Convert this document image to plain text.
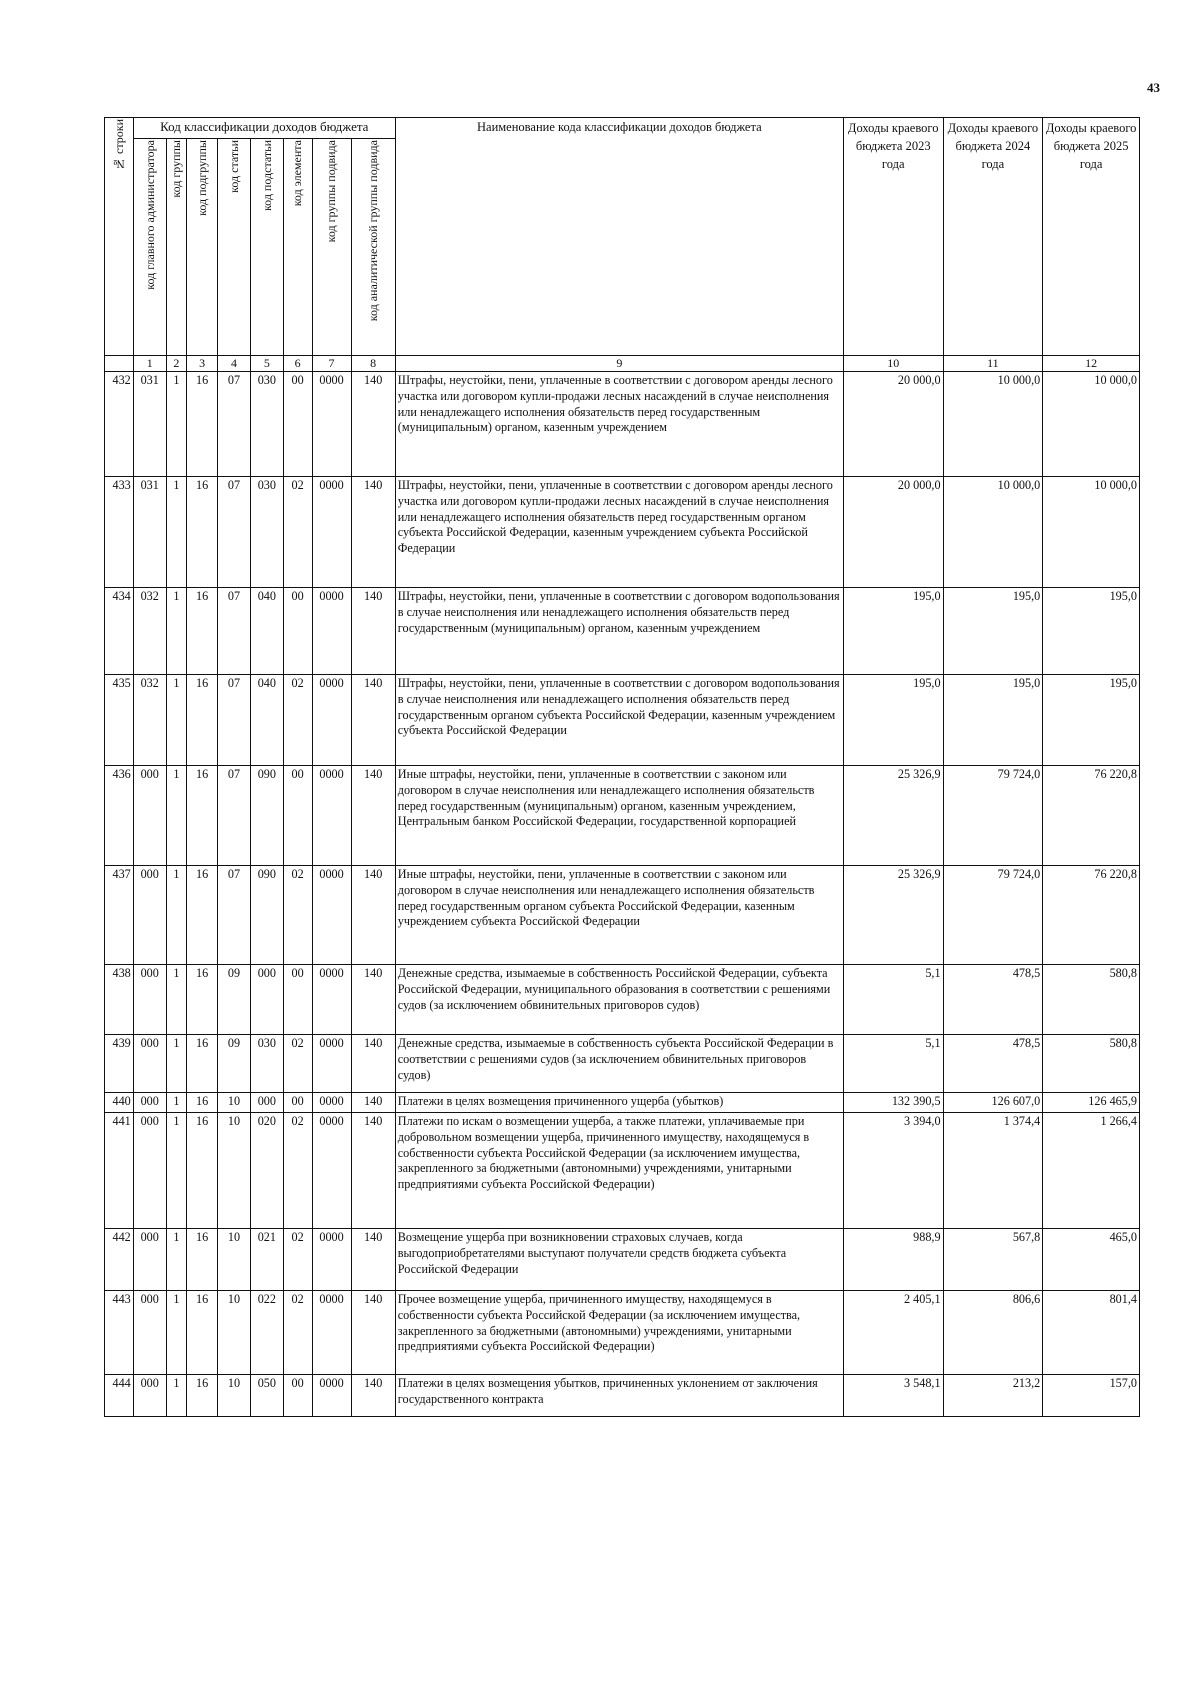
43
№ строки	Код классификации доходов бюджета								Наименование кода классификации доходов бюджета	Доходы краевого бюджета 2023 года	Доходы краевого бюджета 2024 года	Доходы краевого бюджета 2025 года

	код главного администратора	код группы	код подгруппы	код статьи	код подстатьи	код элемента	код группы подвида	код аналитической группы подвида				

	1	2	3	4	5	6	7	8	9	10	11	12
432	031	1	16	07	030	00	0000	140	Штрафы, неустойки, пени, уплаченные в соответствии с договором аренды лесного участка или договором купли-продажи лесных насаждений в случае неисполнения или ненадлежащего исполнения обязательств перед государственным (муниципальным) органом, казенным учреждением	20 000,0	10 000,0	10 000,0
433	031	1	16	07	030	02	0000	140	Штрафы, неустойки, пени, уплаченные в соответствии с договором аренды лесного участка или договором купли-продажи лесных насаждений в случае неисполнения или ненадлежащего исполнения обязательств перед государственным органом субъекта Российской Федерации, казенным учреждением субъекта Российской Федерации	20 000,0	10 000,0	10 000,0
434	032	1	16	07	040	00	0000	140	Штрафы, неустойки, пени, уплаченные в соответствии с договором водопользования в случае неисполнения или ненадлежащего исполнения обязательств перед государственным (муниципальным) органом, казенным учреждением	195,0	195,0	195,0
435	032	1	16	07	040	02	0000	140	Штрафы, неустойки, пени, уплаченные в соответствии с договором водопользования в случае неисполнения или ненадлежащего исполнения обязательств перед государственным органом субъекта Российской Федерации, казенным учреждением субъекта Российской Федерации	195,0	195,0	195,0
436	000	1	16	07	090	00	0000	140	Иные штрафы, неустойки, пени, уплаченные в соответствии с законом или договором в случае неисполнения или ненадлежащего исполнения обязательств перед государственным (муниципальным) органом, казенным учреждением, Центральным банком Российской Федерации, государственной корпорацией	25 326,9	79 724,0	76 220,8
437	000	1	16	07	090	02	0000	140	Иные штрафы, неустойки, пени, уплаченные в соответствии с законом или договором в случае неисполнения или ненадлежащего исполнения обязательств перед государственным органом субъекта Российской Федерации, казенным учреждением субъекта Российской Федерации	25 326,9	79 724,0	76 220,8
438	000	1	16	09	000	00	0000	140	Денежные средства, изымаемые в собственность Российской Федерации, субъекта Российской Федерации, муниципального образования в соответствии с решениями судов (за исключением обвинительных приговоров судов)	5,1	478,5	580,8
439	000	1	16	09	030	02	0000	140	Денежные средства, изымаемые в собственность субъекта Российской Федерации в соответствии с решениями судов (за исключением обвинительных приговоров судов)	5,1	478,5	580,8
440	000	1	16	10	000	00	0000	140	Платежи в целях возмещения причиненного ущерба (убытков)	132 390,5	126 607,0	126 465,9
441	000	1	16	10	020	02	0000	140	Платежи по искам о возмещении ущерба, а также платежи, уплачиваемые при добровольном возмещении ущерба, причиненного имуществу, находящемуся в собственности субъекта Российской Федерации (за исключением имущества, закрепленного за бюджетными (автономными) учреждениями, унитарными предприятиями субъекта Российской Федерации)	3 394,0	1 374,4	1 266,4
442	000	1	16	10	021	02	0000	140	Возмещение ущерба при возникновении страховых случаев, когда выгодоприобретателями выступают получатели средств бюджета субъекта Российской Федерации	988,9	567,8	465,0
443	000	1	16	10	022	02	0000	140	Прочее возмещение ущерба, причиненного имуществу, находящемуся в собственности субъекта Российской Федерации (за исключением имущества, закрепленного за бюджетными (автономными) учреждениями, унитарными предприятиями субъекта Российской Федерации)	2 405,1	806,6	801,4
444	000	1	16	10	050	00	0000	140	Платежи в целях возмещения убытков, причиненных уклонением от заключения государственного контракта	3 548,1	213,2	157,0
